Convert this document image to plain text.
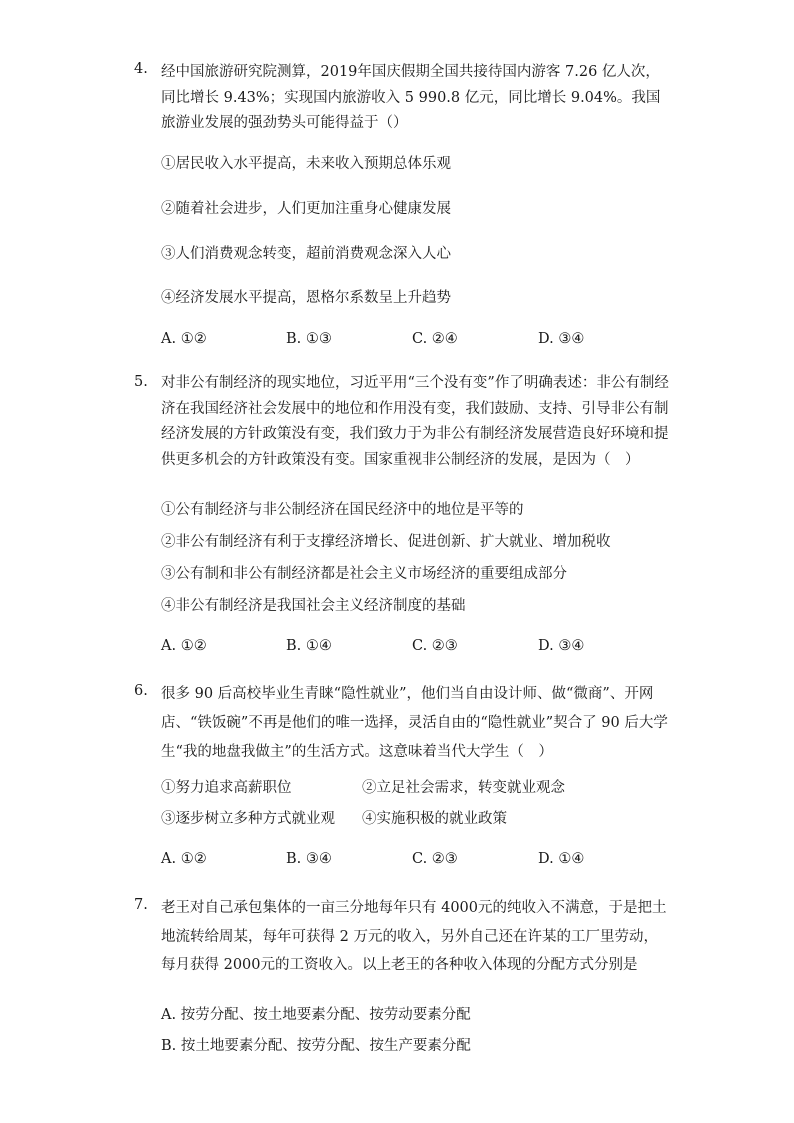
4. 经中国旅游研究院测算，2019年国庆假期全国共接待国内游客 7.26 亿人次，同比增长 9.43%；实现国内旅游收入 5 990.8 亿元，同比增长 9.04%。我国旅游业发展的强劲势头可能得益于（）
①居民收入水平提高，未来收入预期总体乐观
②随着社会进步，人们更加注重身心健康发展
③人们消费观念转变，超前消费观念深入人心
④经济发展水平提高，恩格尔系数呈上升趋势
A. ①②	B. ①③	C. ②④	D. ③④
5. 对非公有制经济的现实地位，习近平用“三个没有变”作了明确表述：非公有制经济在我国经济社会发展中的地位和作用没有变，我们鼓励、支持、引导非公有制经济发展的方针政策没有变，我们致力于为非公有制经济发展营造良好环境和提供更多机会的方针政策没有变。国家重视非公制经济的发展，是因为（　）
①公有制经济与非公制经济在国民经济中的地位是平等的
②非公有制经济有利于支撑经济增长、促进创新、扩大就业、增加税收
③公有制和非公有制经济都是社会主义市场经济的重要组成部分
④非公有制经济是我国社会主义经济制度的基础
A. ①②	B. ①④	C. ②③	D. ③④
6. 很多 90 后高校毕业生青睐“隐性就业”，他们当自由设计师、做“微商”、开网店、“铁饭碗”不再是他们的唯一选择，灵活自由的“隐性就业”契合了 90 后大学生“我的地盘我做主”的生活方式。这意味着当代大学生（　）
①努力追求高薪职位	②立足社会需求，转变就业观念
③逐步树立多种方式就业观 ④实施积极的就业政策
A. ①②	B. ③④	C. ②③	D. ①④
7. 老王对自己承包集体的一亩三分地每年只有 4000元的纯收入不满意，于是把土地流转给周某，每年可获得 2 万元的收入，另外自己还在许某的工厂里劳动，每月获得 2000元的工资收入。以上老王的各种收入体现的分配方式分别是
A. 按劳分配、按土地要素分配、按劳动要素分配
B. 按土地要素分配、按劳分配、按生产要素分配
